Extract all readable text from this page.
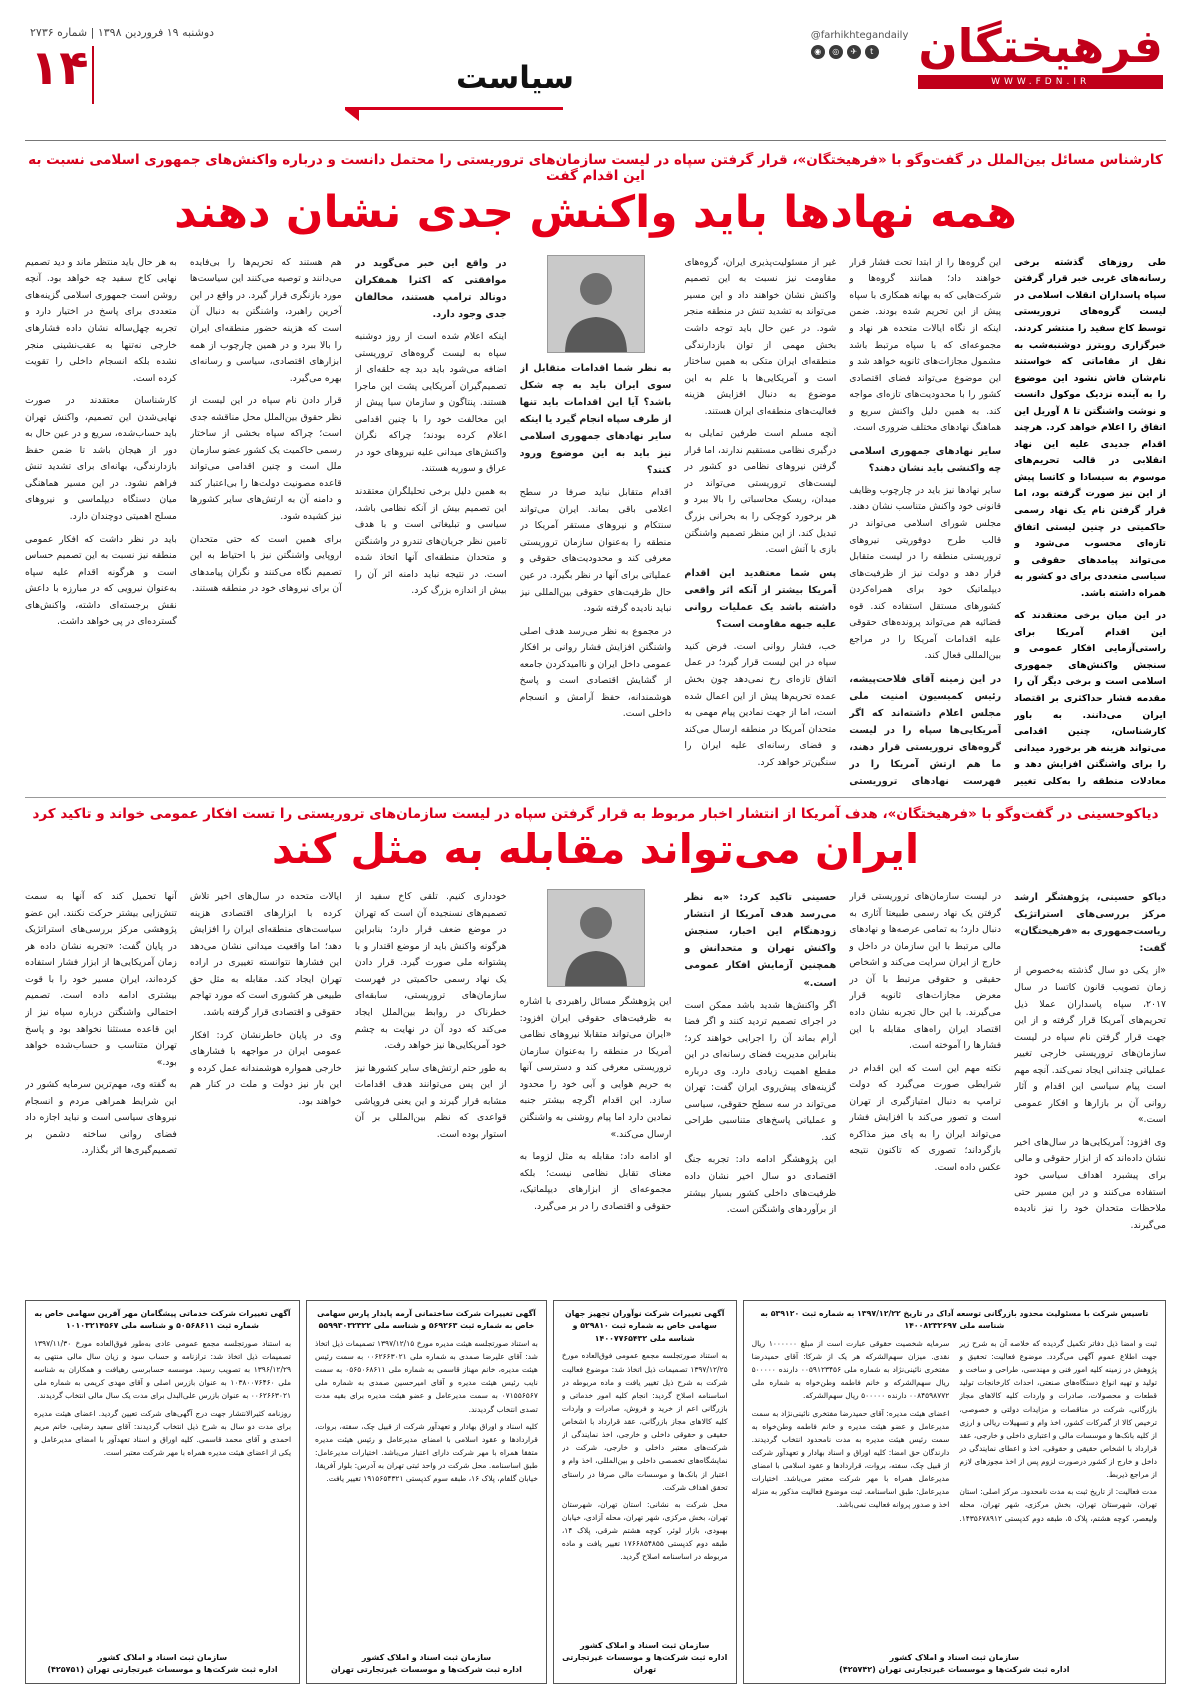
دوشنبه ۱۹ فروردین ۱۳۹۸ | شماره ۲۷۳۶
۱۴	سیاست
فرهیختگان
WWW.FDN.IR
@farhikhtegandaily
◉	◎	✈	t
کارشناس مسائل بین‌الملل در گفت‌وگو با «فرهیختگان»، قرار گرفتن سپاه در لیست سازمان‌های تروریستی را محتمل دانست و درباره واکنش‌های جمهوری اسلامی نسبت به این اقدام گفت
همه نهادها باید واکنش جدی نشان دهند

طی روزهای گذشته برخی رسانه‌های غربی خبر قرار گرفتن سپاه پاسداران انقلاب اسلامی در لیست گروه‌های تروریستی توسط کاخ سفید را منتشر کردند. خبرگزاری رویترز دوشنبه‌شب به نقل از مقاماتی که خواستند نام‌شان فاش نشود این موضوع را به آینده نزدیک موکول دانست و نوشت واشنگتن تا ۸ آوریل این اتفاق را اعلام خواهد کرد. هرچند اقدام جدیدی علیه این نهاد انقلابی در قالب تحریم‌های موسوم به سیسادا و کاتسا پیش از این نیز صورت گرفته بود، اما قرار گرفتن نام یک نهاد رسمی حاکمیتی در چنین لیستی اتفاق تازه‌ای محسوب می‌شود و می‌تواند پیامدهای حقوقی و سیاسی متعددی برای دو کشور به همراه داشته باشد.

در این میان برخی معتقدند که این اقدام آمریکا برای راستی‌آزمایی افکار عمومی و سنجش واکنش‌های جمهوری اسلامی است و برخی دیگر آن را مقدمه فشار حداکثری بر اقتصاد ایران می‌دانند. به باور کارشناسان، چنین اقدامی می‌تواند هزینه هر برخورد میدانی را برای واشنگتن افزایش دهد و معادلات منطقه را به‌کلی تغییر

این گروه‌ها را از ابتدا تحت فشار قرار خواهند داد؛ همانند گروه‌ها و شرکت‌هایی که به بهانه همکاری با سپاه پیش از این تحریم شده بودند. ضمن اینکه از نگاه ایالات متحده هر نهاد و مجموعه‌ای که با سپاه مرتبط باشد مشمول مجازات‌های ثانویه خواهد شد و این موضوع می‌تواند فضای اقتصادی کشور را با محدودیت‌های تازه‌ای مواجه کند. به همین دلیل واکنش سریع و هماهنگ نهادهای مختلف ضروری است.

سایر نهادهای جمهوری اسلامی چه واکنشی باید نشان دهند؟

سایر نهادها نیز باید در چارچوب وظایف قانونی خود واکنش متناسب نشان دهند. مجلس شورای اسلامی می‌تواند در قالب طرح دوفوریتی نیروهای تروریستی منطقه را در لیست متقابل قرار دهد و دولت نیز از ظرفیت‌های دیپلماتیک خود برای همراه‌کردن کشورهای مستقل استفاده کند. قوه قضائیه هم می‌تواند پرونده‌های حقوقی علیه اقدامات آمریکا را در مراجع بین‌المللی فعال کند.

در این زمینه آقای فلاحت‌پیشه، رئیس کمیسیون امنیت ملی مجلس اعلام داشته‌اند که اگر آمریکایی‌ها سپاه را در لیست گروه‌های تروریستی قرار دهند، ما هم ارتش آمریکا را در فهرست نهادهای تروریستی

غیر از مسئولیت‌پذیری ایران، گروه‌های مقاومت نیز نسبت به این تصمیم واکنش نشان خواهند داد و این مسیر می‌تواند به تشدید تنش در منطقه منجر شود. در عین حال باید توجه داشت بخش مهمی از توان بازدارندگی منطقه‌ای ایران متکی به همین ساختار است و آمریکایی‌ها با علم به این موضوع به دنبال افزایش هزینه فعالیت‌های منطقه‌ای ایران هستند.

آنچه مسلم است طرفین تمایلی به درگیری نظامی مستقیم ندارند، اما قرار گرفتن نیروهای نظامی دو کشور در لیست‌های تروریستی می‌تواند در میدان، ریسک محاسباتی را بالا ببرد و هر برخورد کوچکی را به بحرانی بزرگ تبدیل کند. از این منظر تصمیم واشنگتن بازی با آتش است.

پس شما معتقدید این اقدام آمریکا بیشتر از آنکه اثر واقعی داشته باشد یک عملیات روانی علیه جبهه مقاومت است؟

خب، فشار روانی است. فرض کنید سپاه در این لیست قرار گیرد؛ در عمل اتفاق تازه‌ای رخ نمی‌دهد چون بخش عمده تحریم‌ها پیش از این اعمال شده است، اما از جهت نمادین پیام مهمی به متحدان آمریکا در منطقه ارسال می‌کند و فضای رسانه‌ای علیه ایران را سنگین‌تر خواهد کرد.

به نظر شما اقدامات متقابل از سوی ایران باید به چه شکل باشد؟ آیا این اقدامات باید تنها از طرف سپاه انجام گیرد یا اینکه سایر نهادهای جمهوری اسلامی نیز باید به این موضوع ورود کنند؟

اقدام متقابل نباید صرفا در سطح اعلامی باقی بماند. ایران می‌تواند سنتکام و نیروهای مستقر آمریکا در منطقه را به‌عنوان سازمان تروریستی معرفی کند و محدودیت‌های حقوقی و عملیاتی برای آنها در نظر بگیرد. در عین حال ظرفیت‌های حقوقی بین‌المللی نیز نباید نادیده گرفته شود.

در مجموع به نظر می‌رسد هدف اصلی واشنگتن افزایش فشار روانی بر افکار عمومی داخل ایران و ناامیدکردن جامعه از گشایش اقتصادی است و پاسخ هوشمندانه، حفظ آرامش و انسجام داخلی است.

در واقع این خبر می‌گوید در موافقتی که اکثرا همفکران دونالد ترامپ هستند، مخالفان جدی وجود دارد.

اینکه اعلام شده است از روز دوشنبه سپاه به لیست گروه‌های تروریستی اضافه می‌شود باید دید چه حلقه‌ای از تصمیم‌گیران آمریکایی پشت این ماجرا هستند. پنتاگون و سازمان سیا پیش از این مخالفت خود را با چنین اقدامی اعلام کرده بودند؛ چراکه نگران واکنش‌های میدانی علیه نیروهای خود در عراق و سوریه هستند.

به همین دلیل برخی تحلیلگران معتقدند این تصمیم بیش از آنکه نظامی باشد، سیاسی و تبلیغاتی است و با هدف تامین نظر جریان‌های تندرو در واشنگتن و متحدان منطقه‌ای آنها اتخاذ شده است. در نتیجه نباید دامنه اثر آن را بیش از اندازه بزرگ کرد.

هم هستند که تحریم‌ها را بی‌فایده می‌دانند و توصیه می‌کنند این سیاست‌ها مورد بازنگری قرار گیرد. در واقع در این آخرین راهبرد، واشنگتن به دنبال آن است که هزینه حضور منطقه‌ای ایران را بالا ببرد و در همین چارچوب از همه ابزارهای اقتصادی، سیاسی و رسانه‌ای بهره می‌گیرد.

قرار دادن نام سپاه در این لیست از نظر حقوق بین‌الملل محل مناقشه جدی است؛ چراکه سپاه بخشی از ساختار رسمی حاکمیت یک کشور عضو سازمان ملل است و چنین اقدامی می‌تواند قاعده مصونیت دولت‌ها را بی‌اعتبار کند و دامنه آن به ارتش‌های سایر کشورها نیز کشیده شود.

برای همین است که حتی متحدان اروپایی واشنگتن نیز با احتیاط به این تصمیم نگاه می‌کنند و نگران پیامدهای آن برای نیروهای خود در منطقه هستند.

به هر حال باید منتظر ماند و دید تصمیم نهایی کاخ سفید چه خواهد بود. آنچه روشن است جمهوری اسلامی گزینه‌های متعددی برای پاسخ در اختیار دارد و تجربه چهل‌ساله نشان داده فشارهای خارجی نه‌تنها به عقب‌نشینی منجر نشده بلکه انسجام داخلی را تقویت کرده است.

کارشناسان معتقدند در صورت نهایی‌شدن این تصمیم، واکنش تهران باید حساب‌شده، سریع و در عین حال به دور از هیجان باشد تا ضمن حفظ بازدارندگی، بهانه‌ای برای تشدید تنش فراهم نشود. در این مسیر هماهنگی میان دستگاه دیپلماسی و نیروهای مسلح اهمیتی دوچندان دارد.

باید در نظر داشت که افکار عمومی منطقه نیز نسبت به این تصمیم حساس است و هرگونه اقدام علیه سپاه به‌عنوان نیرویی که در مبارزه با داعش نقش برجسته‌ای داشته، واکنش‌های گسترده‌ای در پی خواهد داشت.

دیاکوحسینی در گفت‌وگو با «فرهیختگان»، هدف آمریکا از انتشار اخبار مربوط به قرار گرفتن سپاه در لیست سازمان‌های تروریستی را تست افکار عمومی خواند و تاکید کرد
ایران می‌تواند مقابله به مثل کند

دیاکو حسینی، پژوهشگر ارشد مرکز بررسی‌های استراتژیک ریاست‌جمهوری به «فرهیختگان» گفت:

«از یکی دو سال گذشته به‌خصوص از زمان تصویب قانون کاتسا در سال ۲۰۱۷، سپاه پاسداران عملا ذیل تحریم‌های آمریکا قرار گرفته و از این جهت قرار گرفتن نام سپاه در لیست سازمان‌های تروریستی خارجی تغییر عملیاتی چندانی ایجاد نمی‌کند. آنچه مهم است پیام سیاسی این اقدام و آثار روانی آن بر بازارها و افکار عمومی است.»

وی افزود: آمریکایی‌ها در سال‌های اخیر نشان داده‌اند که از ابزار حقوقی و مالی برای پیشبرد اهداف سیاسی خود استفاده می‌کنند و در این مسیر حتی ملاحظات متحدان خود را نیز نادیده می‌گیرند.

در لیست سازمان‌های تروریستی قرار گرفتن یک نهاد رسمی طبیعتا آثاری به دنبال دارد؛ به تمامی عرصه‌ها و نهادهای مالی مرتبط با این سازمان در داخل و خارج از ایران سرایت می‌کند و اشخاص حقیقی و حقوقی مرتبط با آن در معرض مجازات‌های ثانویه قرار می‌گیرند. با این حال تجربه نشان داده اقتصاد ایران راه‌های مقابله با این فشارها را آموخته است.

نکته مهم این است که این اقدام در شرایطی صورت می‌گیرد که دولت ترامپ به دنبال امتیازگیری از تهران است و تصور می‌کند با افزایش فشار می‌تواند ایران را به پای میز مذاکره بازگرداند؛ تصوری که تاکنون نتیجه عکس داده است.

حسینی تاکید کرد: «به نظر می‌رسد هدف آمریکا از انتشار زودهنگام این اخبار، سنجش واکنش تهران و متحدانش و همچنین آزمایش افکار عمومی است.»

اگر واکنش‌ها شدید باشد ممکن است در اجرای تصمیم تردید کنند و اگر فضا آرام بماند آن را اجرایی خواهند کرد؛ بنابراین مدیریت فضای رسانه‌ای در این مقطع اهمیت زیادی دارد. وی درباره گزینه‌های پیش‌روی ایران گفت: تهران می‌تواند در سه سطح حقوقی، سیاسی و عملیاتی پاسخ‌های متناسبی طراحی کند.

این پژوهشگر ادامه داد: تجربه جنگ اقتصادی دو سال اخیر نشان داده ظرفیت‌های داخلی کشور بسیار بیشتر از برآوردهای واشنگتن است.

این پژوهشگر مسائل راهبردی با اشاره به ظرفیت‌های حقوقی ایران افزود: «ایران می‌تواند متقابلا نیروهای نظامی آمریکا در منطقه را به‌عنوان سازمان تروریستی معرفی کند و دسترسی آنها به حریم هوایی و آبی خود را محدود سازد. این اقدام اگرچه بیشتر جنبه نمادین دارد اما پیام روشنی به واشنگتن ارسال می‌کند.»

او ادامه داد: مقابله به مثل لزوما به معنای تقابل نظامی نیست؛ بلکه مجموعه‌ای از ابزارهای دیپلماتیک، حقوقی و اقتصادی را در بر می‌گیرد.

خودداری کنیم. تلقی کاخ سفید از تصمیم‌های نسنجیده آن است که تهران در موضع ضعف قرار دارد؛ بنابراین هرگونه واکنش باید از موضع اقتدار و با پشتوانه ملی صورت گیرد. قرار دادن یک نهاد رسمی حاکمیتی در فهرست سازمان‌های تروریستی، سابقه‌ای خطرناک در روابط بین‌الملل ایجاد می‌کند که دود آن در نهایت به چشم خود آمریکایی‌ها نیز خواهد رفت.

به طور حتم ارتش‌های سایر کشورها نیز از این پس می‌توانند هدف اقدامات مشابه قرار گیرند و این یعنی فروپاشی قواعدی که نظم بین‌المللی بر آن استوار بوده است.

ایالات متحده در سال‌های اخیر تلاش کرده با ابزارهای اقتصادی هزینه سیاست‌های منطقه‌ای ایران را افزایش دهد؛ اما واقعیت میدانی نشان می‌دهد این فشارها نتوانسته تغییری در اراده تهران ایجاد کند. مقابله به مثل حق طبیعی هر کشوری است که مورد تهاجم حقوقی و اقتصادی قرار گرفته باشد.

وی در پایان خاطرنشان کرد: افکار عمومی ایران در مواجهه با فشارهای خارجی همواره هوشمندانه عمل کرده و این بار نیز دولت و ملت در کنار هم خواهند بود.

آنها تحمیل کند که آنها به سمت تنش‌زایی بیشتر حرکت نکنند. این عضو پژوهشی مرکز بررسی‌های استراتژیک در پایان گفت: «تجربه نشان داده هر زمان آمریکایی‌ها از ابزار فشار استفاده کرده‌اند، ایران مسیر خود را با قوت بیشتری ادامه داده است. تصمیم احتمالی واشنگتن درباره سپاه نیز از این قاعده مستثنا نخواهد بود و پاسخ تهران متناسب و حساب‌شده خواهد بود.»

به گفته وی، مهم‌ترین سرمایه کشور در این شرایط همراهی مردم و انسجام نیروهای سیاسی است و نباید اجازه داد فضای روانی ساخته دشمن بر تصمیم‌گیری‌ها اثر بگذارد.

تاسیس شرکت با مسئولیت محدود بازرگانی توسعه آداک در تاریخ ۱۳۹۷/۱۲/۲۲ به شماره ثبت ۵۳۹۱۲۰ به شناسه ملی ۱۴۰۰۸۲۳۲۶۹۷

ثبت و امضا ذیل دفاتر تکمیل گردیده که خلاصه آن به شرح زیر جهت اطلاع عموم آگهی می‌گردد. موضوع فعالیت: تحقیق و پژوهش در زمینه کلیه امور فنی و مهندسی، طراحی و ساخت و تولید و تهیه انواع دستگاه‌های صنعتی، احداث کارخانجات تولید قطعات و محصولات، صادرات و واردات کلیه کالاهای مجاز بازرگانی، شرکت در مناقصات و مزایدات دولتی و خصوصی، ترخیص کالا از گمرکات کشور، اخذ وام و تسهیلات ریالی و ارزی از کلیه بانک‌ها و موسسات مالی و اعتباری داخلی و خارجی، عقد قرارداد با اشخاص حقیقی و حقوقی، اخذ و اعطای نمایندگی در داخل و خارج از کشور درصورت لزوم پس از اخذ مجوزهای لازم از مراجع ذیربط.

مدت فعالیت: از تاریخ ثبت به مدت نامحدود. مرکز اصلی: استان تهران، شهرستان تهران، بخش مرکزی، شهر تهران، محله ولیعصر، کوچه هشتم، پلاک ۵، طبقه دوم کدپستی ۱۴۳۵۶۷۸۹۱۲. سرمایه شخصیت حقوقی عبارت است از مبلغ ۱۰۰۰۰۰۰ ریال نقدی. میزان سهم‌الشرکه هر یک از شرکا: آقای حمیدرضا مفتخری نائینی‌نژاد به شماره ملی ۰۰۵۹۱۲۳۴۵۶ دارنده ۵۰۰۰۰۰ ریال سهم‌الشرکه و خانم فاطمه وطن‌خواه به شماره ملی ۰۰۸۴۵۹۸۷۷۲ دارنده ۵۰۰۰۰۰ ریال سهم‌الشرکه.

اعضای هیئت مدیره: آقای حمیدرضا مفتخری نائینی‌نژاد به سمت مدیرعامل و عضو هیئت مدیره و خانم فاطمه وطن‌خواه به سمت رئیس هیئت مدیره به مدت نامحدود انتخاب گردیدند. دارندگان حق امضا: کلیه اوراق و اسناد بهادار و تعهدآور شرکت از قبیل چک، سفته، بروات، قراردادها و عقود اسلامی با امضای مدیرعامل همراه با مهر شرکت معتبر می‌باشد. اختیارات مدیرعامل: طبق اساسنامه. ثبت موضوع فعالیت مذکور به منزله اخذ و صدور پروانه فعالیت نمی‌باشد.

سازمان ثبت اسناد و املاک کشور
اداره ثبت شرکت‌ها و موسسات غیرتجارتی تهران (۴۲۵۷۴۲)
آگهی تغییرات شرکت نوآوران تجهیز جهان سهامی خاص به شماره ثبت ۵۲۹۸۱۰ و شناسه ملی ۱۴۰۰۷۷۶۵۴۳۲

به استناد صورتجلسه مجمع عمومی فوق‌العاده مورخ ۱۳۹۷/۱۲/۲۵ تصمیمات ذیل اتخاذ شد: موضوع فعالیت شرکت به شرح ذیل تغییر یافت و ماده مربوطه در اساسنامه اصلاح گردید: انجام کلیه امور خدماتی و بازرگانی اعم از خرید و فروش، صادرات و واردات کلیه کالاهای مجاز بازرگانی، عقد قرارداد با اشخاص حقیقی و حقوقی داخلی و خارجی، اخذ نمایندگی از شرکت‌های معتبر داخلی و خارجی، شرکت در نمایشگاه‌های تخصصی داخلی و بین‌المللی، اخذ وام و اعتبار از بانک‌ها و موسسات مالی صرفا در راستای تحقق اهداف شرکت.

محل شرکت به نشانی: استان تهران، شهرستان تهران، بخش مرکزی، شهر تهران، محله آزادی، خیابان بهبودی، بازار لوئر، کوچه هشتم شرقی، پلاک ۱۴، طبقه دوم کدپستی ۱۷۶۶۸۵۴۸۵۵ تغییر یافت و ماده مربوطه در اساسنامه اصلاح گردید.

سازمان ثبت اسناد و املاک کشور
اداره ثبت شرکت‌ها و موسسات غیرتجارتی تهران
آگهی تغییرات شرکت ساختمانی آرمه پایدار پارس سهامی خاص به شماره ثبت ۵۶۹۲۶۳ و شناسه ملی ۵۵۹۹۳۰۳۲۳۲۲

به استناد صورتجلسه هیئت مدیره مورخ ۱۳۹۷/۱۲/۱۵ تصمیمات ذیل اتخاذ شد: آقای علیرضا صمدی به شماره ملی ۰۰۶۲۶۶۳۰۲۱ به سمت رئیس هیئت مدیره، خانم مهناز قاسمی به شماره ملی ۰۵۶۵۰۶۸۶۱۱ به سمت نایب رئیس هیئت مدیره و آقای امیرحسین صمدی به شماره ملی ۰۷۱۵۵۶۵۶۷ به سمت مدیرعامل و عضو هیئت مدیره برای بقیه مدت تصدی انتخاب گردیدند.

کلیه اسناد و اوراق بهادار و تعهدآور شرکت از قبیل چک، سفته، بروات، قراردادها و عقود اسلامی با امضای مدیرعامل و رئیس هیئت مدیره متفقا همراه با مهر شرکت دارای اعتبار می‌باشد. اختیارات مدیرعامل: طبق اساسنامه. محل شرکت در واحد ثبتی تهران به آدرس: بلوار آفریقا، خیابان گلفام، پلاک ۱۶، طبقه سوم کدپستی ۱۹۱۵۶۵۴۳۲۱ تغییر یافت.

سازمان ثبت اسناد و املاک کشور
اداره ثبت شرکت‌ها و موسسات غیرتجارتی تهران
آگهی تغییرات شرکت خدماتی پیشگامان مهر آفرین سهامی خاص به شماره ثبت ۵۰۵۶۸۶۱۱ و شناسه ملی ۱۰۱۰۳۲۱۴۵۶۷

به استناد صورتجلسه مجمع عمومی عادی به‌طور فوق‌العاده مورخ ۱۳۹۷/۱۱/۳۰ تصمیمات ذیل اتخاذ شد: ترازنامه و حساب سود و زیان سال مالی منتهی به ۱۳۹۶/۱۲/۲۹ به تصویب رسید. موسسه حسابرسی رهیافت و همکاران به شناسه ملی ۱۰۳۸۰۰۷۶۴۶۰ به عنوان بازرس اصلی و آقای مهدی کریمی به شماره ملی ۰۰۶۲۶۶۳۰۲۱ به عنوان بازرس علی‌البدل برای مدت یک سال مالی انتخاب گردیدند.

روزنامه کثیرالانتشار جهت درج آگهی‌های شرکت تعیین گردید. اعضای هیئت مدیره برای مدت دو سال به شرح ذیل انتخاب گردیدند: آقای سعید رضایی، خانم مریم احمدی و آقای محمد قاسمی. کلیه اوراق و اسناد تعهدآور با امضای مدیرعامل و یکی از اعضای هیئت مدیره همراه با مهر شرکت معتبر است.

سازمان ثبت اسناد و املاک کشور
اداره ثبت شرکت‌ها و موسسات غیرتجارتی تهران (۴۲۵۷۵۱)
